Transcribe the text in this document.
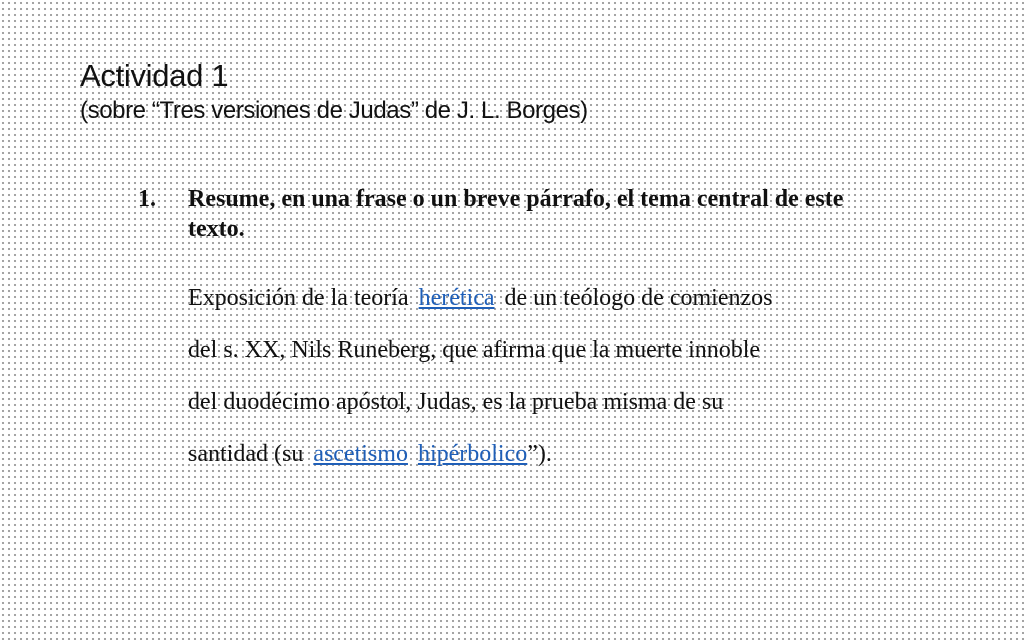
Actividad 1
(sobre “Tres versiones de Judas” de J. L. Borges)
1.	Resume, en una frase o un breve párrafo, el tema central de este texto.
Exposición de la teoría herética de un teólogo de comienzos
del s. XX, Nils Runeberg, que afirma que la muerte innoble
del duodécimo apóstol, Judas, es la prueba misma de su
santidad (su ascetismo hipérbolico”).
